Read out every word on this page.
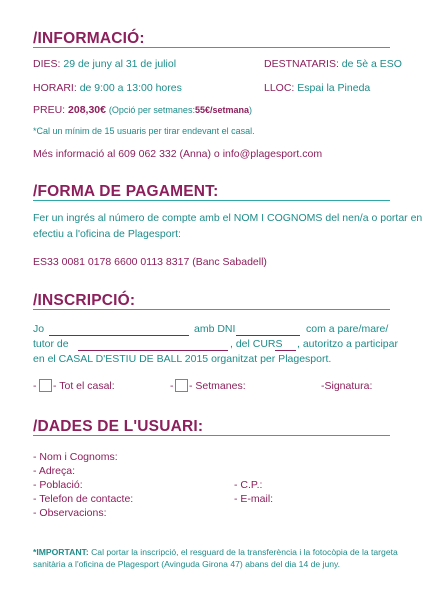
/INFORMACIÓ:
DIES: 29 de juny al 31 de juliol	DESTNATARIS: de 5è a ESO
HORARI: de 9:00 a 13:00 hores	LLOC: Espai la Pineda
PREU: 208,30€ (Opció per setmanes:55€/setmana)
*Cal un mínim de 15 usuaris per tirar endevant el casal.
Més informació al 609 062 332 (Anna) o info@plagesport.com
/FORMA DE PAGAMENT:
Fer un ingrés al número de compte amb el NOM I COGNOMS del nen/a o portar en
efectiu a l'oficina de Plagesport:
ES33 0081 0178 6600 0113 8317 (Banc Sabadell)
/INSCRIPCIÓ:
Jo	amb DNI	com a pare/mare/
tutor de	, del CURS , autoritzo a participar
en el CASAL D'ESTIU DE BALL 2015 organitzat per Plagesport.
- - Tot el casal:	- - Setmanes:	-Signatura:
/DADES DE L'USUARI:
- Nom i Cognoms:
- Adreça:
- Població:	- C.P.:
- Telefon de contacte:	- E-mail:
- Observacions:
*IMPORTANT: Cal portar la inscripció, el resguard de la transferència i la fotocòpia de la targeta
sanitària a l'oficina de Plagesport (Avinguda Girona 47) abans del dia 14 de juny.
